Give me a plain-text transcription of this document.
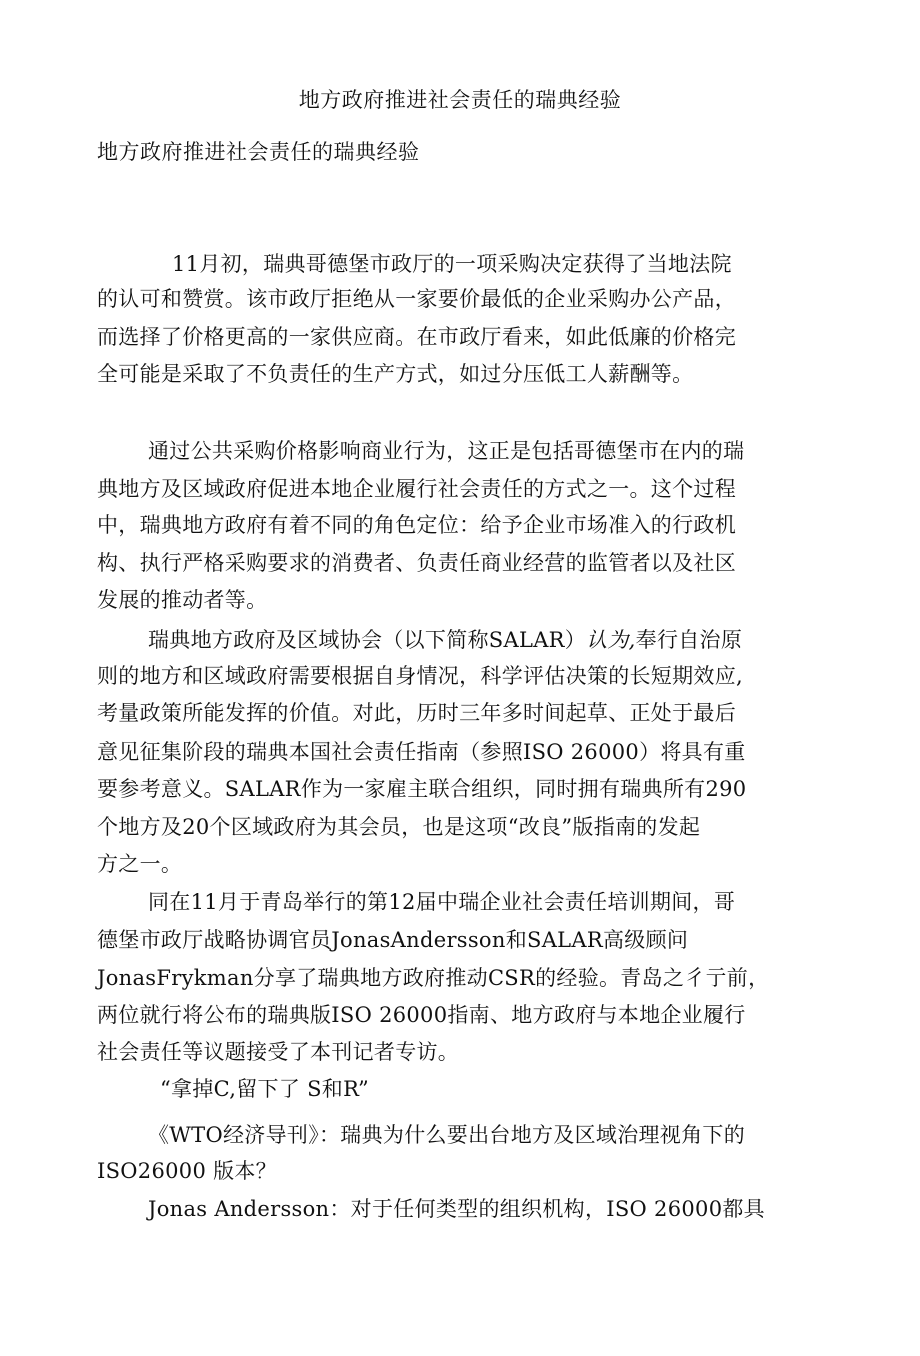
地方政府推进社会责任的瑞典经验
地方政府推进社会责任的瑞典经验
11月初，瑞典哥德堡市政厅的一项采购决定获得了当地法院
的认可和赞赏。该市政厅拒绝从一家要价最低的企业采购办公产品，
而选择了价格更高的一家供应商。在市政厅看来，如此低廉的价格完
全可能是采取了不负责任的生产方式，如过分压低工人薪酬等。
通过公共采购价格影响商业行为，这正是包括哥德堡市在内的瑞
典地方及区域政府促进本地企业履行社会责任的方式之一。这个过程
中，瑞典地方政府有着不同的角色定位：给予企业市场准入的行政机
构、执行严格采购要求的消费者、负责任商业经营的监管者以及社区
发展的推动者等。
瑞典地方政府及区域协会（以下简称SALAR）认为,奉行自治原
则的地方和区域政府需要根据自身情况，科学评估决策的长短期效应,
考量政策所能发挥的价值。对此，历时三年多时间起草、正处于最后
意见征集阶段的瑞典本国社会责任指南（参照ISO 26000）将具有重
要参考意义。SALAR作为一家雇主联合组织，同时拥有瑞典所有290
个地方及20个区域政府为其会员，也是这项“改良”版指南的发起
方之一。
同在11月于青岛举行的第12届中瑞企业社会责任培训期间，哥
德堡市政厅战略协调官员JonasAndersson和SALAR高级顾问
JonasFrykman分享了瑞典地方政府推动CSR的经验。青岛之彳亍前，
两位就行将公布的瑞典版ISO 26000指南、地方政府与本地企业履行
社会责任等议题接受了本刊记者专访。
“拿掉C,留下了 S和R”
《WTO经济导刊》：瑞典为什么要出台地方及区域治理视角下的
ISO26000 版本？
Jonas Andersson：对于任何类型的组织机构，ISO 26000都具
